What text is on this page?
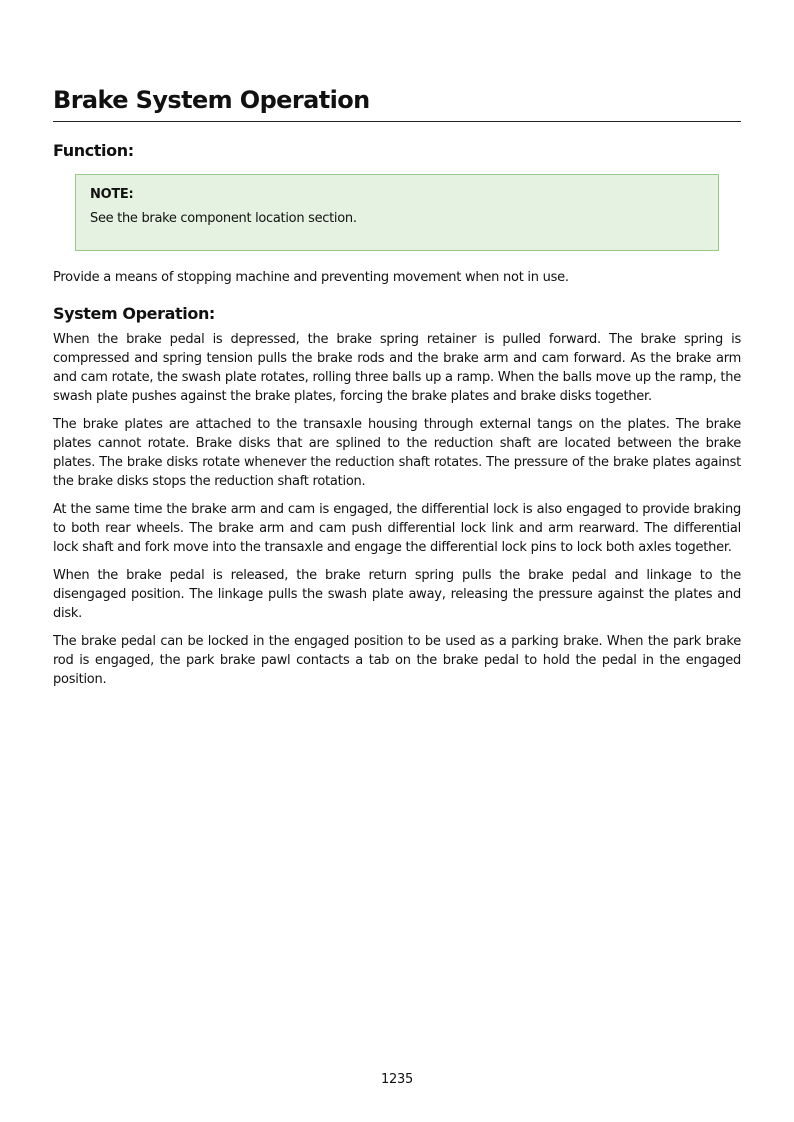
Brake System Operation
Function:
NOTE:
See the brake component location section.

Provide a means of stopping machine and preventing movement when not in use.

System Operation:

When the brake pedal is depressed, the brake spring retainer is pulled forward. The brake spring is compressed and spring tension pulls the brake rods and the brake arm and cam forward. As the brake arm and cam rotate, the swash plate rotates, rolling three balls up a ramp. When the balls move up the ramp, the swash plate pushes against the brake plates, forcing the brake plates and brake disks together.

The brake plates are attached to the transaxle housing through external tangs on the plates. The brake plates cannot rotate. Brake disks that are splined to the reduction shaft are located between the brake plates. The brake disks rotate whenever the reduction shaft rotates. The pressure of the brake plates against the brake disks stops the reduction shaft rotation.

At the same time the brake arm and cam is engaged, the differential lock is also engaged to provide braking to both rear wheels. The brake arm and cam push differential lock link and arm rearward. The differential lock shaft and fork move into the transaxle and engage the differential lock pins to lock both axles together.

When the brake pedal is released, the brake return spring pulls the brake pedal and linkage to the disengaged position. The linkage pulls the swash plate away, releasing the pressure against the plates and disk.

The brake pedal can be locked in the engaged position to be used as a parking brake. When the park brake rod is engaged, the park brake pawl contacts a tab on the brake pedal to hold the pedal in the engaged position.

1235
